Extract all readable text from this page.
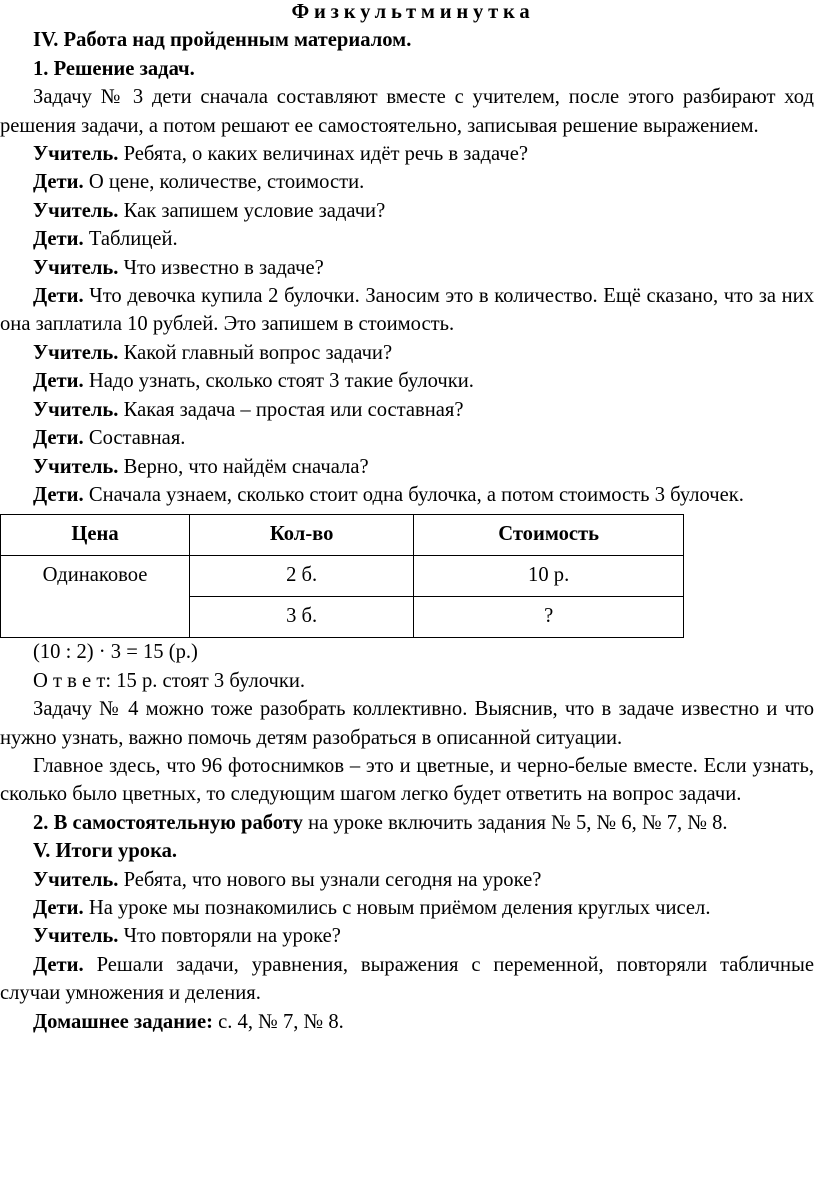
Физкультминутка

IV. Работа над пройденным материалом.

1. Решение задач.

Задачу № 3 дети сначала составляют вместе с учителем, после этого разбирают ход решения задачи, а потом решают ее самостоятельно, записывая решение выражением.

Учитель. Ребята, о каких величинах идёт речь в задаче?

Дети. О цене, количестве, стоимости.

Учитель. Как запишем условие задачи?

Дети. Таблицей.

Учитель. Что известно в задаче?

Дети. Что девочка купила 2 булочки. Заносим это в количество. Ещё сказано, что за них она заплатила 10 рублей. Это запишем в стоимость.

Учитель. Какой главный вопрос задачи?

Дети. Надо узнать, сколько стоят 3 такие булочки.

Учитель. Какая задача – простая или составная?

Дети. Составная.

Учитель. Верно, что найдём сначала?

Дети. Сначала узнаем, сколько стоит одна булочка, а потом стоимость 3 булочек.

Цена	Кол-во	Стоимость
Одинаковое	2 б.	10 р.
	3 б.	?

(10 : 2) · 3 = 15 (р.)

О т в е т: 15 р. стоят 3 булочки.

Задачу № 4 можно тоже разобрать коллективно. Выяснив, что в задаче известно и что нужно узнать, важно помочь детям разобраться в описанной ситуации.

Главное здесь, что 96 фотоснимков – это и цветные, и черно-белые вместе. Если узнать, сколько было цветных, то следующим шагом легко будет ответить на вопрос задачи.

2. В самостоятельную работу на уроке включить задания № 5, № 6, № 7, № 8.

V. Итоги урока.

Учитель. Ребята, что нового вы узнали сегодня на уроке?

Дети. На уроке мы познакомились с новым приёмом деления круглых чисел.

Учитель. Что повторяли на уроке?

Дети. Решали задачи, уравнения, выражения с переменной, повторяли табличные случаи умножения и деления.

Домашнее задание: с. 4, № 7, № 8.
